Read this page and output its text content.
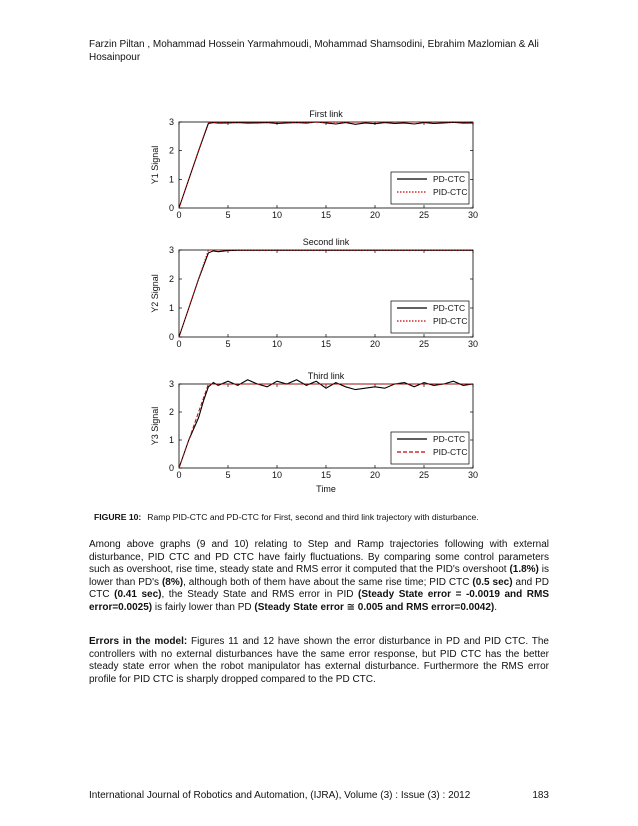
Farzin Piltan , Mohammad Hossein Yarmahmoudi, Mohammad Shamsodini, Ebrahim Mazlomian & Ali Hosainpour
0	5	10	15	20	25	30
0
1
2
3
First link
Y1 Signal	PD-CTC
PID-CTC
0	5	10	15	20	25	30
0
1
2
3
Second link
Y2 Signal	PD-CTC
PID-CTC
0	5	10	15	20	25	30
0
1
2
3
Third link
Y3 Signal
Time
PD-CTC
PID-CTC
FIGURE 10: Ramp PID-CTC and PD-CTC for First, second and third link trajectory with disturbance.

Among above graphs (9 and 10) relating to Step and Ramp trajectories following with external disturbance, PID CTC and PD CTC have fairly fluctuations. By comparing some control parameters such as overshoot, rise time, steady state and RMS error it computed that the PID's overshoot (1.8%) is lower than PD's (8%), although both of them have about the same rise time; PID CTC (0.5 sec) and PD CTC (0.41 sec), the Steady State and RMS error in PID (Steady State error = -0.0019 and RMS error=0.0025) is fairly lower than PD (Steady State error ≅ 0.005 and RMS error=0.0042).

Errors in the model: Figures 11 and 12 have shown the error disturbance in PD and PID CTC. The controllers with no external disturbances have the same error response, but PID CTC has the better steady state error when the robot manipulator has external disturbance. Furthermore the RMS error profile for PID CTC is sharply dropped compared to the PD CTC.

International Journal of Robotics and Automation, (IJRA), Volume (3) : Issue (3) : 2012	183
